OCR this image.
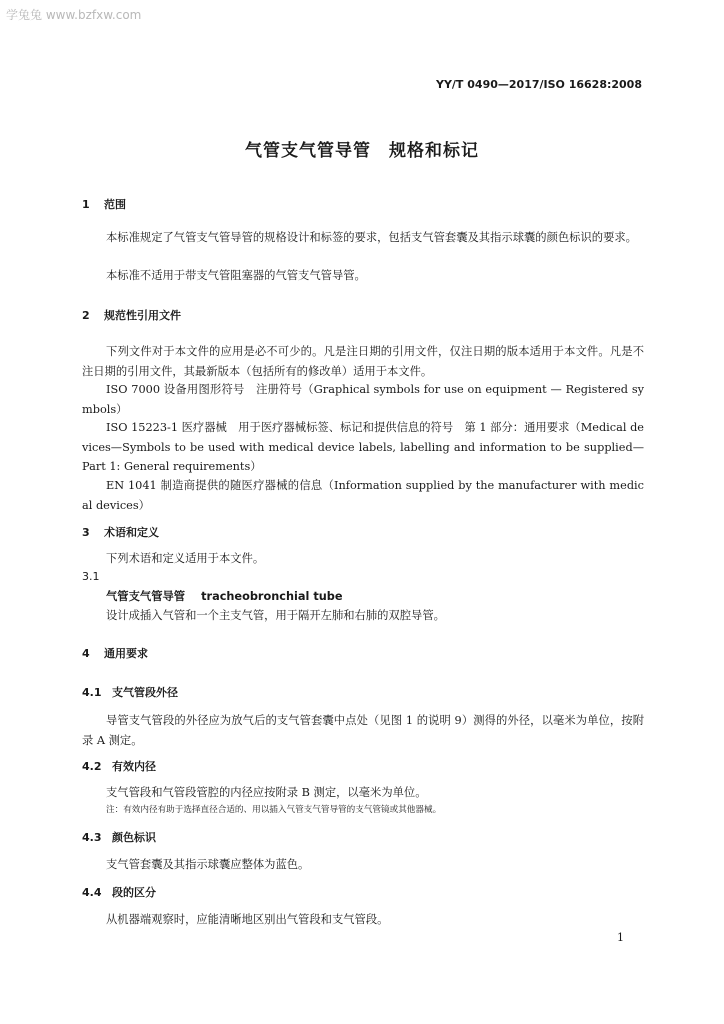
学兔兔 www.bzfxw.com
YY/T 0490—2017/ISO 16628:2008
气管支气管导管　规格和标记
1 范围
本标准规定了气管支气管导管的规格设计和标签的要求，包括支气管套囊及其指示球囊的颜色标识的要求。
本标准不适用于带支气管阻塞器的气管支气管导管。
2 规范性引用文件
下列文件对于本文件的应用是必不可少的。凡是注日期的引用文件，仅注日期的版本适用于本文件。凡是不注日期的引用文件，其最新版本（包括所有的修改单）适用于本文件。
ISO 7000 设备用图形符号　注册符号（Graphical symbols for use on equipment — Registered symbols）
ISO 15223-1 医疗器械　用于医疗器械标签、标记和提供信息的符号　第 1 部分：通用要求（Medical devices—Symbols to be used with medical device labels, labelling and information to be supplied—Part 1: General requirements）
EN 1041 制造商提供的随医疗器械的信息（Information supplied by the manufacturer with medical devices）
3 术语和定义
下列术语和定义适用于本文件。
3.1
气管支气管导管 tracheobronchial tube
设计成插入气管和一个主支气管，用于隔开左肺和右肺的双腔导管。
4 通用要求
4.1 支气管段外径
导管支气管段的外径应为放气后的支气管套囊中点处（见图 1 的说明 9）测得的外径，以毫米为单位，按附录 A 测定。
4.2 有效内径
支气管段和气管段管腔的内径应按附录 B 测定，以毫米为单位。
注：有效内径有助于选择直径合适的、用以插入气管支气管导管的支气管镜或其他器械。
4.3 颜色标识
支气管套囊及其指示球囊应整体为蓝色。
4.4 段的区分
从机器端观察时，应能清晰地区别出气管段和支气管段。
1
